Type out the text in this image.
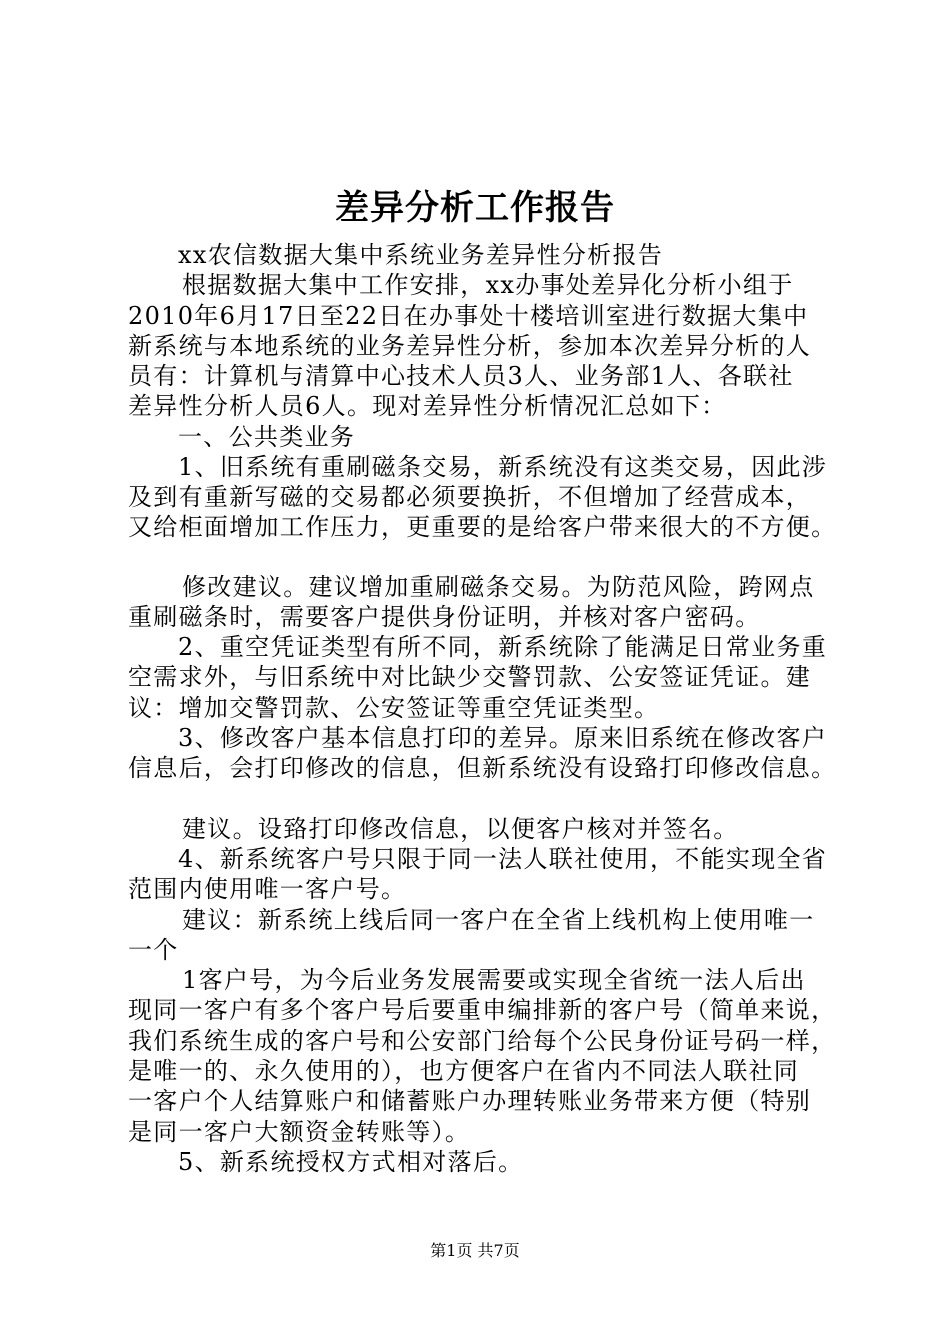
差异分析工作报告
xx农信数据大集中系统业务差异性分析报告
根据数据大集中工作安排，xx办事处差异化分析小组于
2010年6月17日至22日在办事处十楼培训室进行数据大集中
新系统与本地系统的业务差异性分析，参加本次差异分析的人
员有：计算机与清算中心技术人员3人、业务部1人、各联社
差异性分析人员6人。现对差异性分析情况汇总如下：
一、公共类业务
1、旧系统有重刷磁条交易，新系统没有这类交易，因此涉
及到有重新写磁的交易都必须要换折，不但增加了经营成本，
又给柜面增加工作压力，更重要的是给客户带来很大的不方便。
修改建议。建议增加重刷磁条交易。为防范风险，跨网点
重刷磁条时，需要客户提供身份证明，并核对客户密码。
2、重空凭证类型有所不同，新系统除了能满足日常业务重
空需求外，与旧系统中对比缺少交警罚款、公安签证凭证。建
议：增加交警罚款、公安签证等重空凭证类型。
3、修改客户基本信息打印的差异。原来旧系统在修改客户
信息后，会打印修改的信息，但新系统没有设臵打印修改信息。
建议。设臵打印修改信息，以便客户核对并签名。
4、新系统客户号只限于同一法人联社使用，不能实现全省
范围内使用唯一客户号。
建议：新系统上线后同一客户在全省上线机构上使用唯一
一个
1客户号，为今后业务发展需要或实现全省统一法人后出
现同一客户有多个客户号后要重申编排新的客户号（简单来说，
我们系统生成的客户号和公安部门给每个公民身份证号码一样，
是唯一的、永久使用的），也方便客户在省内不同法人联社同
一客户个人结算账户和储蓄账户办理转账业务带来方便（特别
是同一客户大额资金转账等）。
5、新系统授权方式相对落后。
第1页 共7页
